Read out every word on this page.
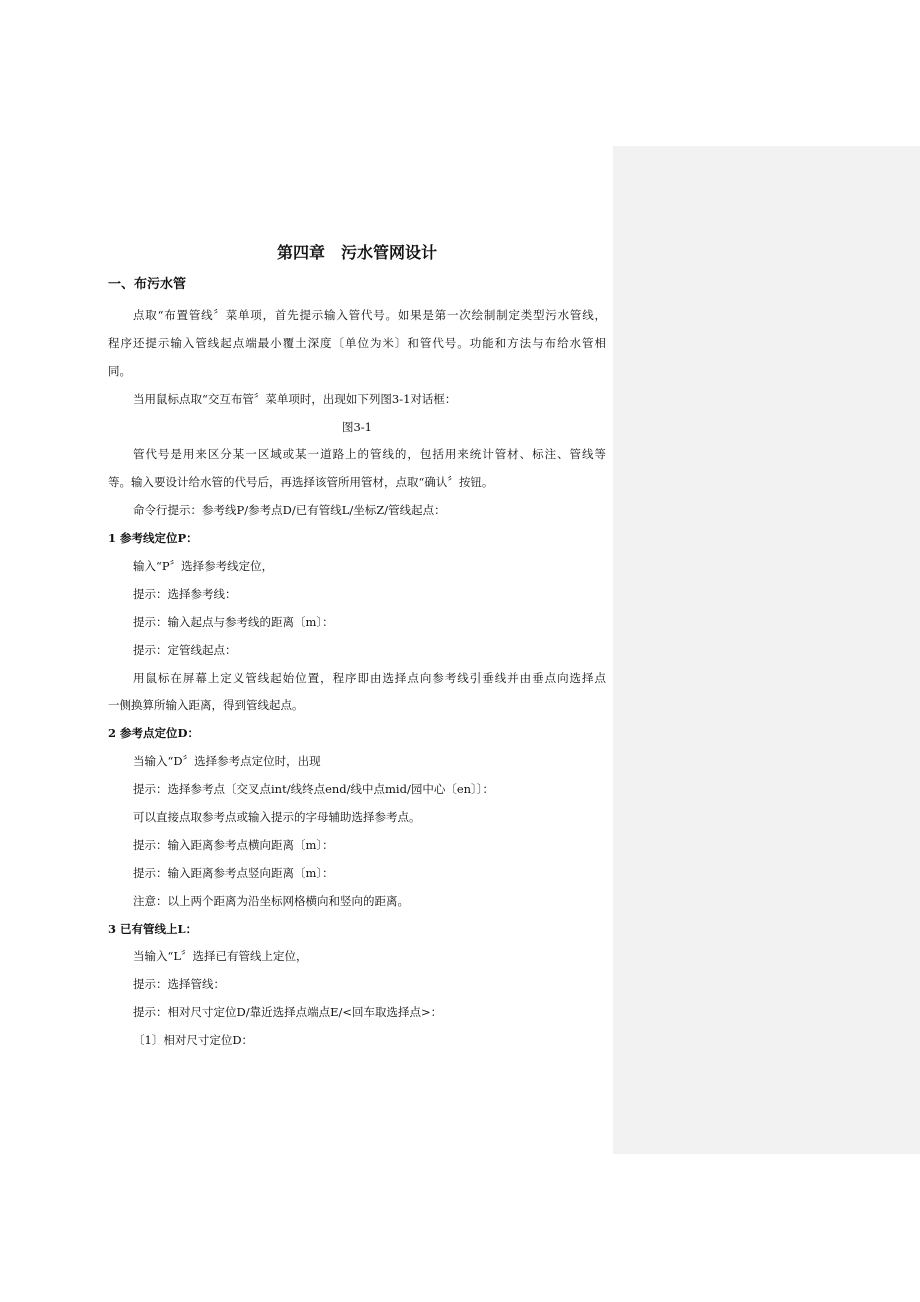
第四章　污水管网设计
一、布污水管

点取“布置管线〞菜单项，首先提示输入管代号。如果是第一次绘制制定类型污水管线，

程序还提示输入管线起点端最小覆土深度〔单位为米〕和管代号。功能和方法与布给水管相

同。

当用鼠标点取“交互布管〞菜单项时，出现如下列图3-1对话框：

图3-1

管代号是用来区分某一区域或某一道路上的管线的，包括用来统计管材、标注、管线等

等。输入要设计给水管的代号后，再选择该管所用管材，点取“确认〞按钮。

命令行提示：参考线P/参考点D/已有管线L/坐标Z/管线起点：

1 参考线定位P：

输入“P〞选择参考线定位，

提示：选择参考线：

提示：输入起点与参考线的距离〔m〕：

提示：定管线起点：

用鼠标在屏幕上定义管线起始位置，程序即由选择点向参考线引垂线并由垂点向选择点

一侧换算所输入距离，得到管线起点。

2 参考点定位D：

当输入“D〞选择参考点定位时，出现

提示：选择参考点〔交叉点int/线终点end/线中点mid/园中心〔en〕〕：

可以直接点取参考点或输入提示的字母辅助选择参考点。

提示：输入距离参考点横向距离〔m〕：

提示：输入距离参考点竖向距离〔m〕：

注意：以上两个距离为沿坐标网格横向和竖向的距离。

3 已有管线上L：

当输入“L〞选择已有管线上定位，

提示：选择管线：

提示：相对尺寸定位D/靠近选择点端点E/<回车取选择点>：

〔1〕相对尺寸定位D：
